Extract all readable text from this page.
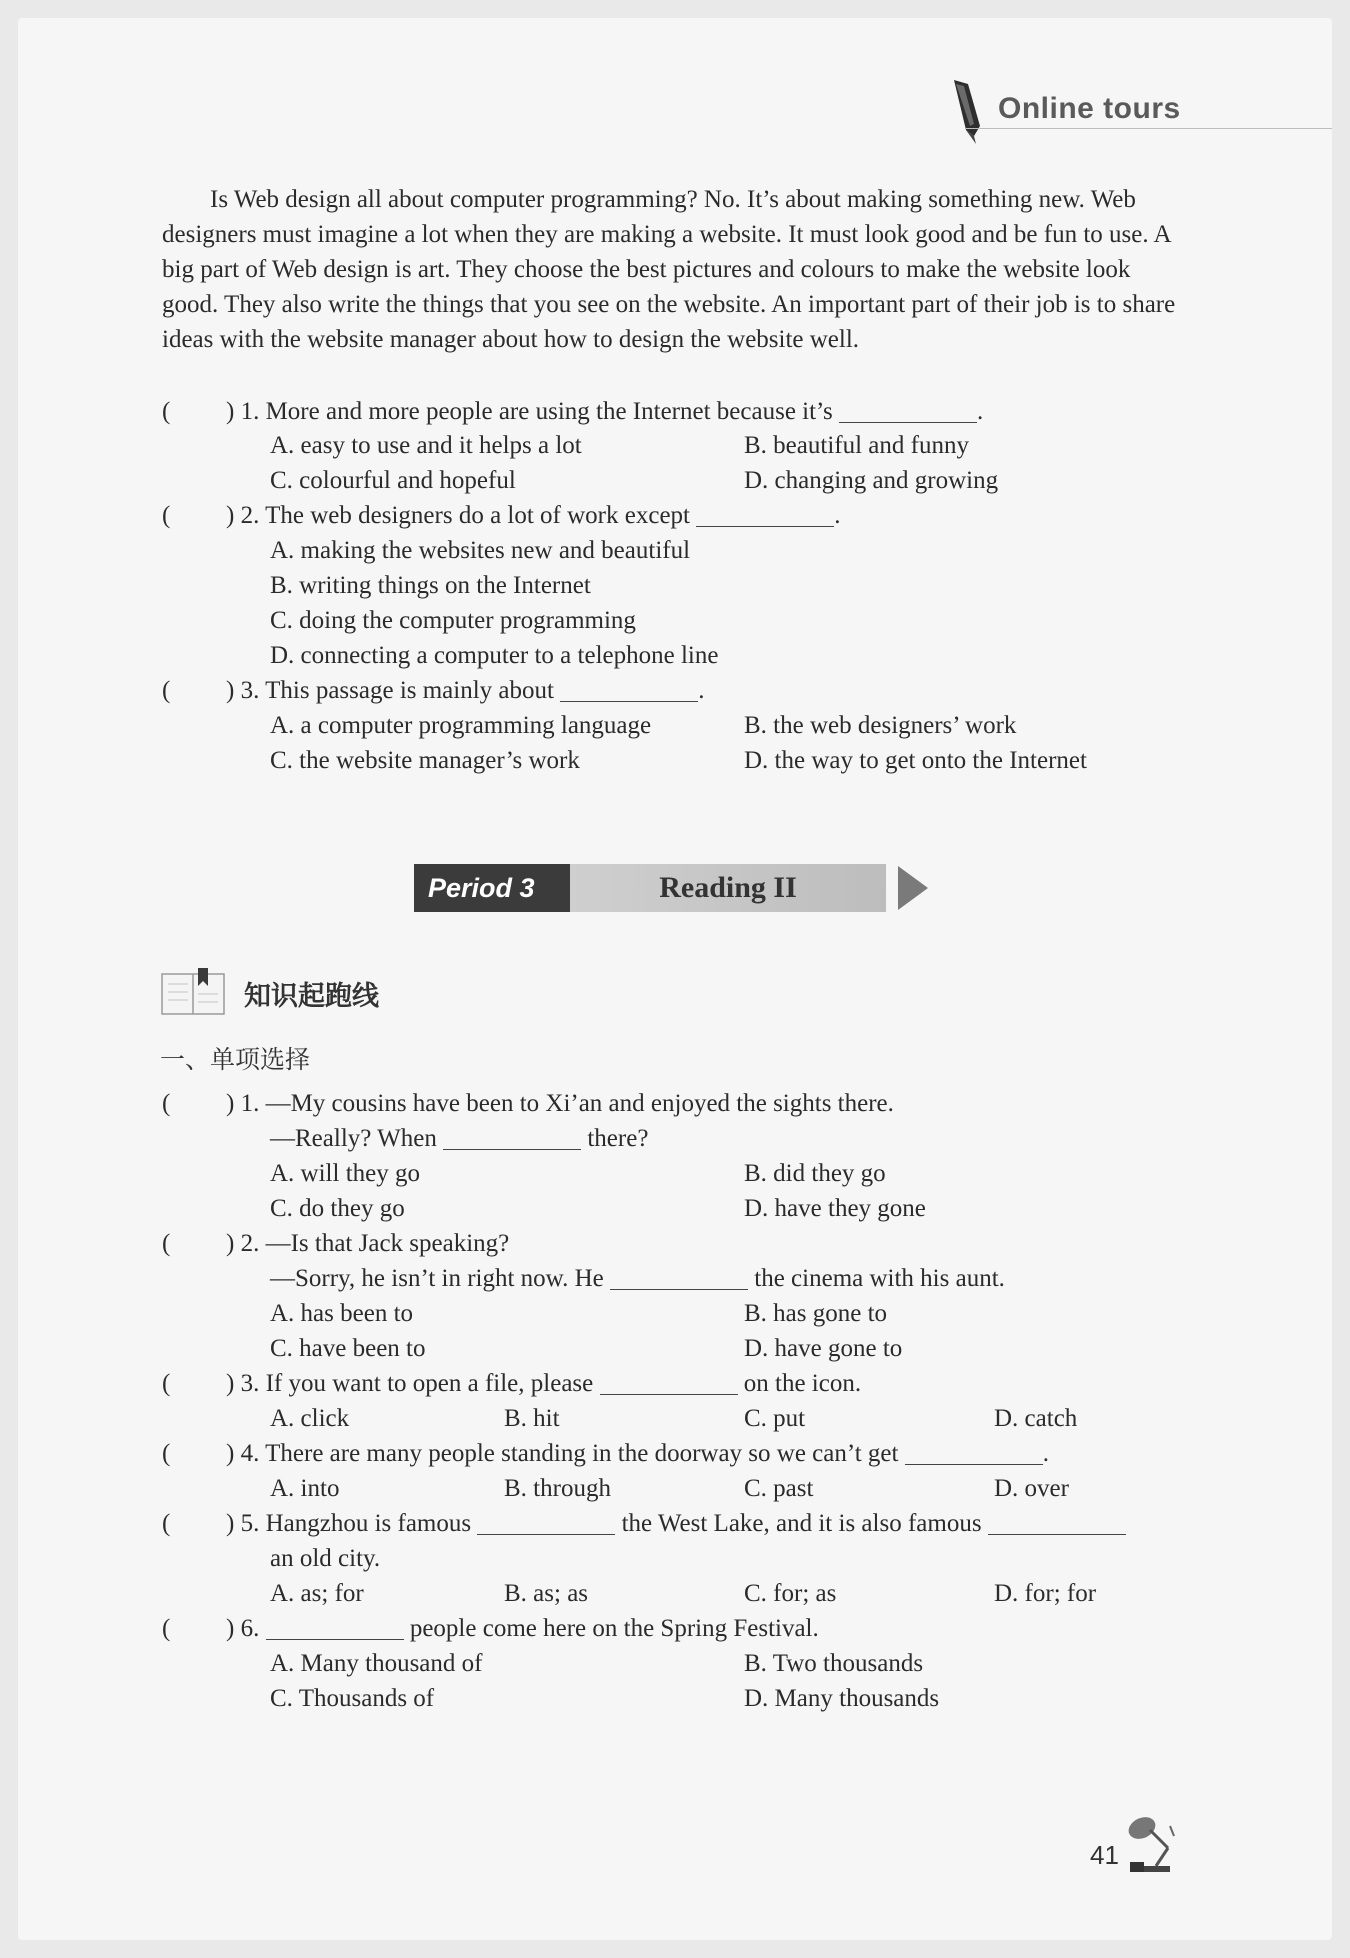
Online tours

Is Web design all about computer programming? No. It’s about making something new. Web designers must imagine a lot when they are making a website. It must look good and be fun to use. A big part of Web design is art. They choose the best pictures and colours to make the website look good. They also write the things that you see on the website. An important part of their job is to share ideas with the website manager about how to design the website well.

( ) 1. More and more people are using the Internet because it’s	.
A. easy to use and it helps a lot	B. beautiful and funny
C. colourful and hopeful	D. changing and growing
( ) 2. The web designers do a lot of work except	.
A. making the websites new and beautiful
B. writing things on the Internet
C. doing the computer programming
D. connecting a computer to a telephone line
( ) 3. This passage is mainly about	.
A. a computer programming language	B. the web designers’ work
C. the website manager’s work	D. the way to get onto the Internet
Period 3	Reading II
知识起跑线
一、单项选择
( ) 1. —My cousins have been to Xi’an and enjoyed the sights there.
—Really? When	there?
A. will they go	B. did they go
C. do they go	D. have they gone
( ) 2. —Is that Jack speaking?
—Sorry, he isn’t in right now. He	the cinema with his aunt.
A. has been to	B. has gone to
C. have been to	D. have gone to
( ) 3. If you want to open a file, please	on the icon.
A. click	B. hit	C. put	D. catch
( ) 4. There are many people standing in the doorway so we can’t get	.
A. into	B. through	C. past	D. over
( ) 5. Hangzhou is famous	the West Lake, and it is also famous
an old city.
A. as; for	B. as; as	C. for; as	D. for; for
( ) 6.	people come here on the Spring Festival.
A. Many thousand of	B. Two thousands
C. Thousands of	D. Many thousands
41
